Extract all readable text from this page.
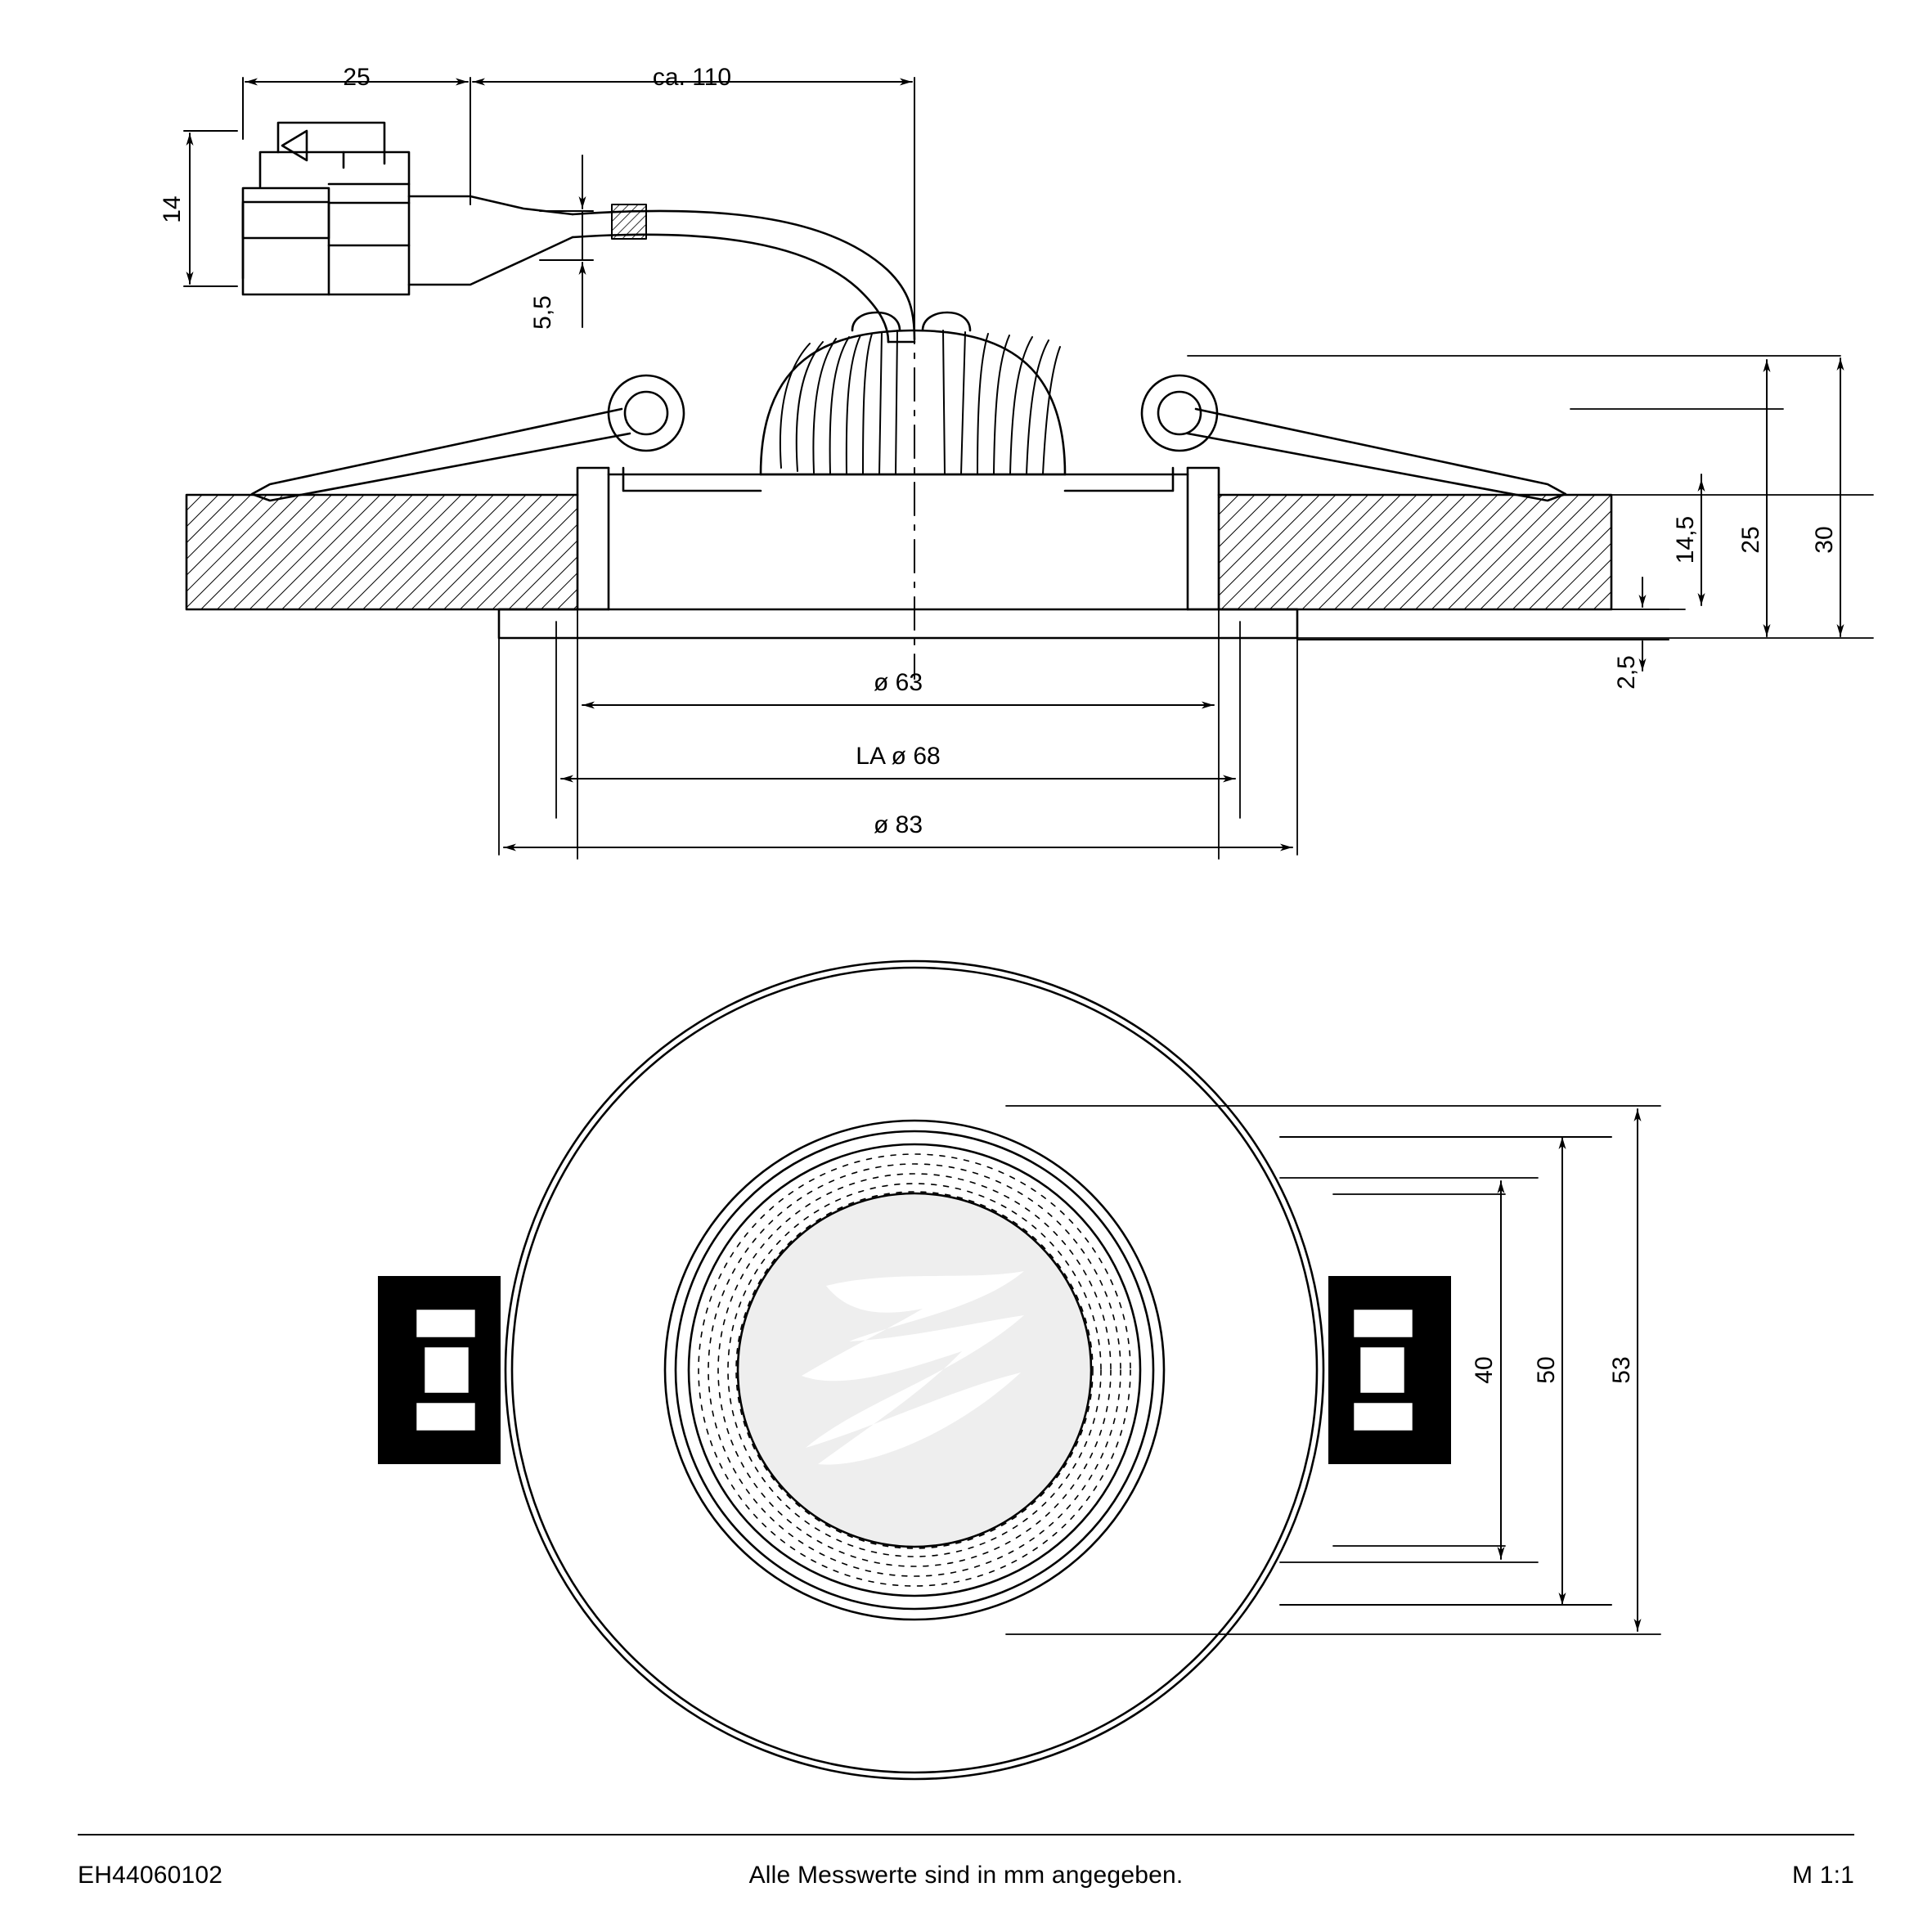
25	ca. 110
14
5,5
14,5 25 30
2,5
ø 63
LA ø 68
ø 83
40 50 53
EH44060102	Alle Messwerte sind in mm angegeben.	M 1:1
